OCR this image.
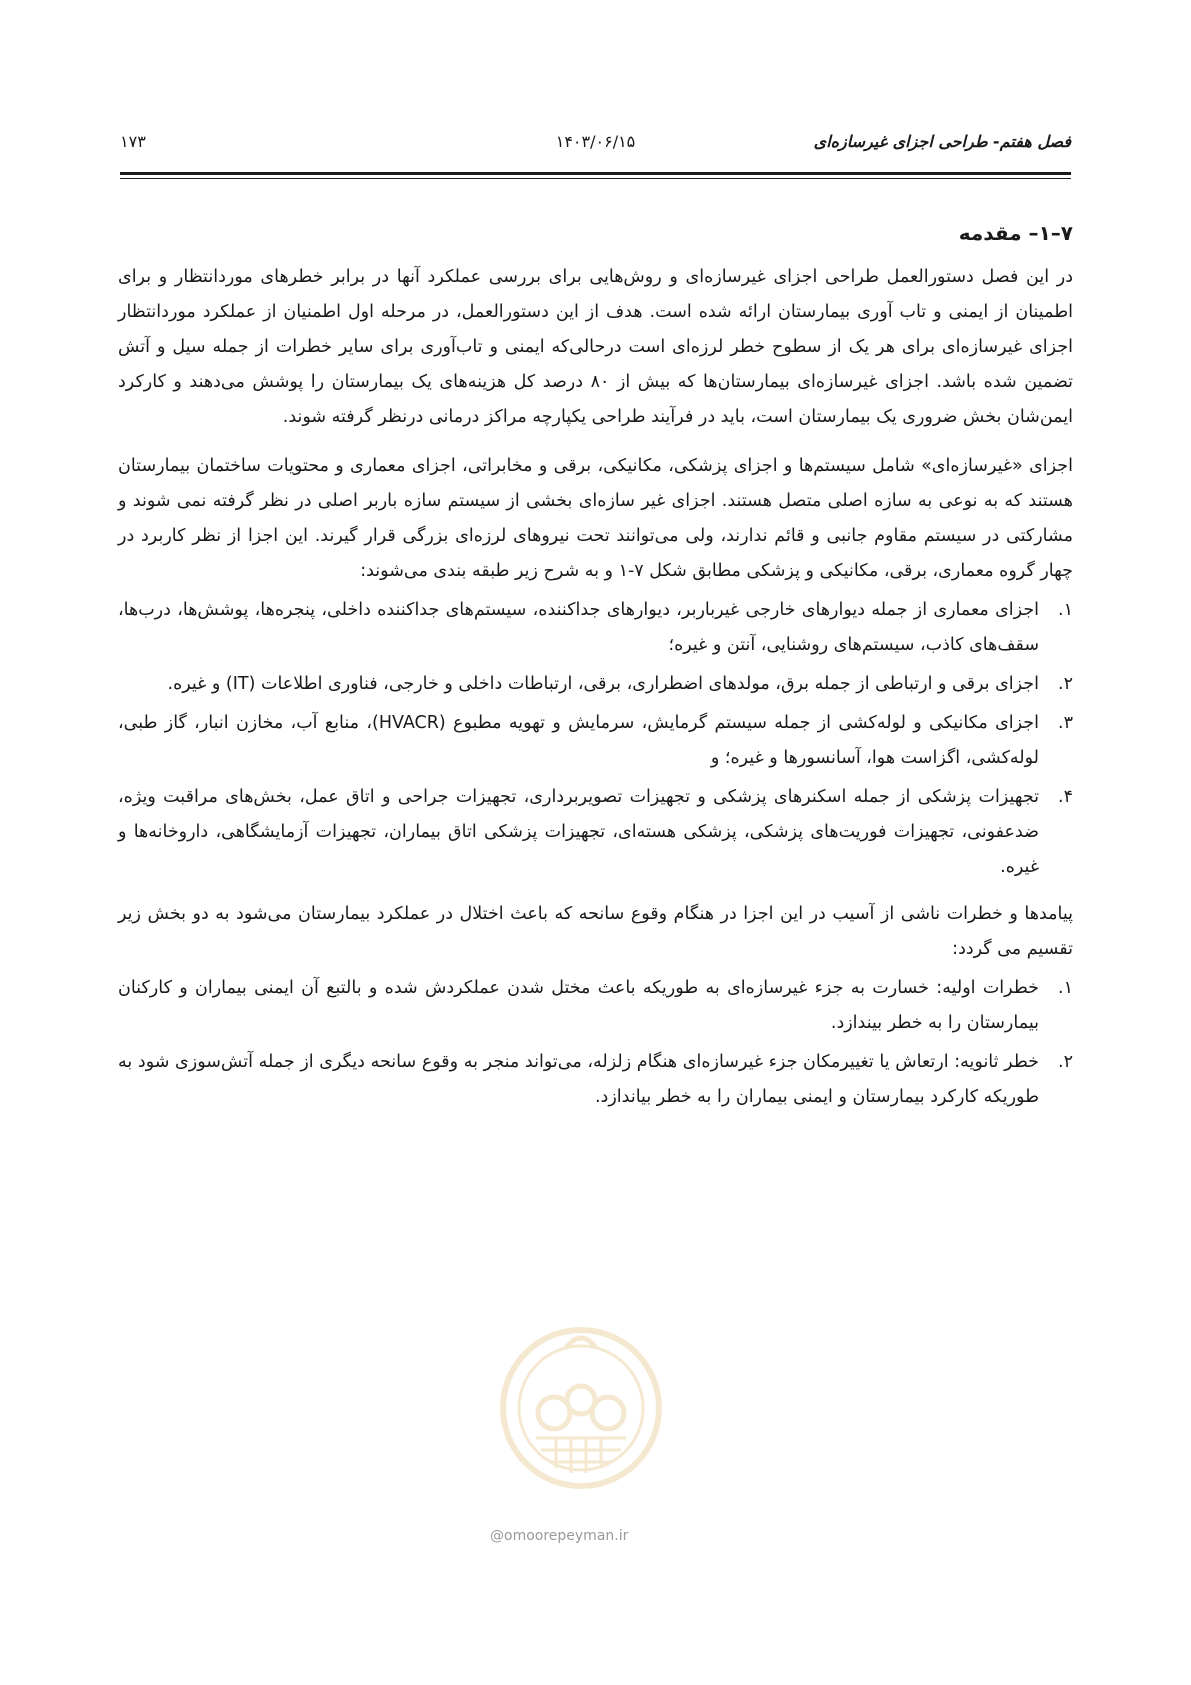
فصل هفتم- طراحی اجزای غیرسازه‌ای
۱۴۰۳/۰۶/۱۵
۱۷۳
۷–۱– مقدمه

در این فصل دستورالعمل طراحی اجزای غیرسازه‌ای و روش‌هایی برای بررسی عملکرد آنها در برابر خطرهای موردانتظار و برای اطمینان از ایمنی و تاب آوری بیمارستان ارائه شده است. هدف از این دستورالعمل، در مرحله اول اطمنیان از عملکرد موردانتظار اجزای غیرسازه‌ای برای هر یک از سطوح خطر لرزه‌ای است درحالی‌که ایمنی و تاب‌آوری برای سایر خطرات از جمله سیل و آتش تضمین شده باشد. اجزای غیرسازه‌ای بیمارستان‌ها که بیش از ۸۰ درصد کل هزینه‌های یک بیمارستان را پوشش می‌دهند و کارکرد ایمن‌شان بخش ضروری یک بیمارستان است، باید در فرآیند طراحی یکپارچه مراکز درمانی درنظر گرفته شوند.

اجزای «غیرسازه‌ای» شامل سیستم‌ها و اجزای پزشکی، مکانیکی، برقی و مخابراتی، اجزای معماری و محتویات ساختمان بیمارستان هستند که به نوعی به سازه اصلی متصل هستند. اجزای غیر سازه‌ای بخشی از سیستم سازه باربر اصلی در نظر گرفته نمی شوند و مشارکتی در سیستم مقاوم جانبی و قائم ندارند، ولی می‌توانند تحت نیروهای لرزه‌ای بزرگی قرار گیرند. این اجزا از نظر کاربرد در چهار گروه معماری، برقی، مکانیکی و پزشکی مطابق شکل ۷-۱ و به شرح زیر طبقه بندی می‌شوند:

۱.
اجزای معماری از جمله دیوارهای خارجی غیرباربر، دیوارهای جداکننده، سیستم‌های جداکننده داخلی، پنجره‌ها، پوشش‌ها، درب‌ها، سقف‌های کاذب، سیستم‌های روشنایی، آنتن و غیره؛
۲.
اجزای برقی و ارتباطی از جمله برق، مولدهای اضطراری، برقی، ارتباطات داخلی و خارجی، فناوری اطلاعات (IT) و غیره.
۳.
اجزای مکانیکی و لوله‌کشی از جمله سیستم گرمایش، سرمایش و تهویه مطبوع (HVACR)، منابع آب، مخازن انبار، گاز طبی، لوله‌کشی، اگزاست هوا، آسانسورها و غیره؛ و
۴.
تجهیزات پزشکی از جمله اسکنرهای پزشکی و تجهیزات تصویربرداری، تجهیزات جراحی و اتاق عمل، بخش‌های مراقبت ویژه، ضدعفونی، تجهیزات فوریت‌های پزشکی، پزشکی هسته‌ای، تجهیزات پزشکی اتاق بیماران، تجهیزات آزمایشگاهی، داروخانه‌ها و غیره.

پیامدها و خطرات ناشی از آسیب در این اجزا در هنگام وقوع سانحه که باعث اختلال در عملکرد بیمارستان می‌شود به دو بخش زیر تقسیم می گردد:

۱.
خطرات اولیه: خسارت به جزء غیرسازه‌ای به طوریکه باعث مختل شدن عملکردش شده و بالتبع آن ایمنی بیماران و کارکنان بیمارستان را به خطر بیندازد.
۲.
خطر ثانویه: ارتعاش یا تغییرمکان جزء غیرسازه‌ای هنگام زلزله، می‌تواند منجر به وقوع سانحه دیگری از جمله آتش‌سوزی شود به طوریکه کارکرد بیمارستان و ایمنی بیماران را به خطر بیاندازد.
@omoorepeyman.ir
